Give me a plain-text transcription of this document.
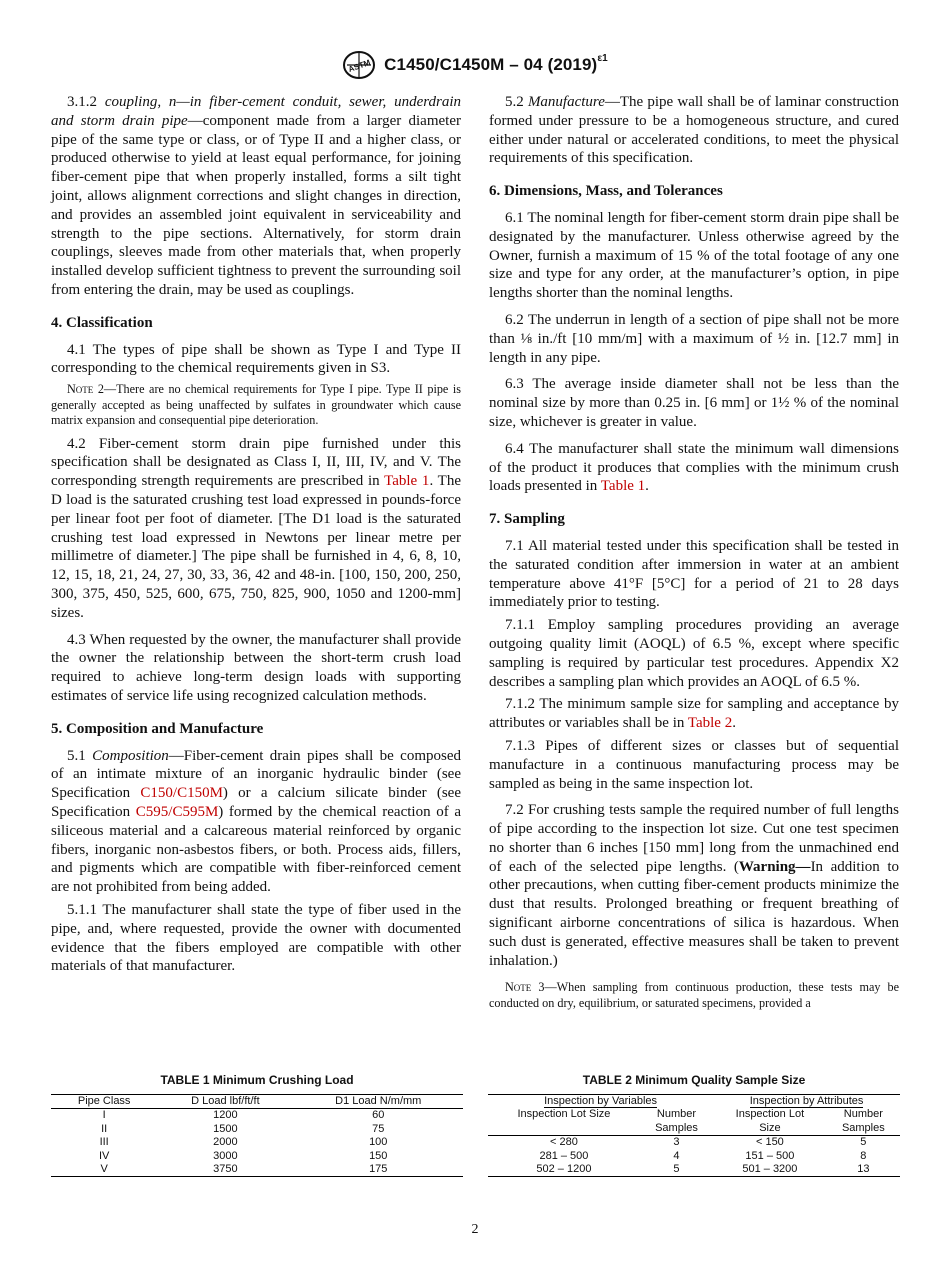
ASTM C1450/C1450M – 04 $(2019)^{\varepsilon 1}$

3.1.2 coupling, n—in fiber-cement conduit, sewer, underdrain and storm drain pipe—component made from a larger diameter pipe of the same type or class, or of Type II and a higher class, or produced otherwise to yield at least equal performance, for joining fiber-cement pipe that when properly installed, forms a silt tight joint, allows alignment corrections and slight changes in direction, and provides an assembled joint equivalent in serviceability and strength to the pipe sections. Alternatively, for storm drain couplings, sleeves made from other materials that, when properly installed develop sufficient tightness to prevent the surrounding soil from entering the drain, may be used as couplings.

4. Classification

4.1 The types of pipe shall be shown as Type I and Type II corresponding to the chemical requirements given in S3.

Note 2—There are no chemical requirements for Type I pipe. Type II pipe is generally accepted as being unaffected by sulfates in groundwater which cause matrix expansion and consequential pipe deterioration.

4.2 Fiber-cement storm drain pipe furnished under this specification shall be designated as Class I, II, III, IV, and V. The corresponding strength requirements are prescribed in Table 1. The D load is the saturated crushing test load expressed in pounds-force per linear foot per foot of diameter. [The D1 load is the saturated crushing test load expressed in Newtons per linear metre per millimetre of diameter.] The pipe shall be furnished in 4, 6, 8, 10, 12, 15, 18, 21, 24, 27, 30, 33, 36, 42 and 48-in. [100, 150, 200, 250, 300, 375, 450, 525, 600, 675, 750, 825, 900, 1050 and 1200-mm] sizes.

4.3 When requested by the owner, the manufacturer shall provide the owner the relationship between the short-term crush load required to achieve long-term design loads with supporting estimates of service life using recognized calculation methods.

5. Composition and Manufacture

5.1 Composition—Fiber-cement drain pipes shall be composed of an intimate mixture of an inorganic hydraulic binder (see Specification C150/C150M) or a calcium silicate binder (see Specification C595/C595M) formed by the chemical reaction of a siliceous material and a calcareous material reinforced by organic fibers, inorganic non-asbestos fibers, or both. Process aids, fillers, and pigments which are compatible with fiber-reinforced cement are not prohibited from being added.

5.1.1 The manufacturer shall state the type of fiber used in the pipe, and, where requested, provide the owner with documented evidence that the fibers employed are compatible with other materials of that manufacturer.

5.2 Manufacture—The pipe wall shall be of laminar construction formed under pressure to be a homogeneous structure, and cured either under natural or accelerated conditions, to meet the physical requirements of this specification.

6. Dimensions, Mass, and Tolerances

6.1 The nominal length for fiber-cement storm drain pipe shall be designated by the manufacturer. Unless otherwise agreed by the Owner, furnish a maximum of 15 % of the total footage of any one size and type for any order, at the manufacturer’s option, in pipe lengths shorter than the nominal lengths.

6.2 The underrun in length of a section of pipe shall not be more than ⅛ in./ft [10 mm/m] with a maximum of ½ in. [12.7 mm] in length in any pipe.

6.3 The average inside diameter shall not be less than the nominal size by more than 0.25 in. [6 mm] or 1½ % of the nominal size, whichever is greater in value.

6.4 The manufacturer shall state the minimum wall dimensions of the product it produces that complies with the minimum crush loads presented in Table 1.

7. Sampling

7.1 All material tested under this specification shall be tested in the saturated condition after immersion in water at an ambient temperature above 41°F [5°C] for a period of 21 to 28 days immediately prior to testing.

7.1.1 Employ sampling procedures providing an average outgoing quality limit (AOQL) of 6.5 %, except where specific sampling is required by particular test procedures. Appendix X2 describes a sampling plan which provides an AOQL of 6.5 %.

7.1.2 The minimum sample size for sampling and acceptance by attributes or variables shall be in Table 2.

7.1.3 Pipes of different sizes or classes but of sequential manufacture in a continuous manufacturing process may be sampled as being in the same inspection lot.

7.2 For crushing tests sample the required number of full lengths of pipe according to the inspection lot size. Cut one test specimen no shorter than 6 inches [150 mm] long from the unmachined end of each of the selected pipe lengths. (Warning—In addition to other precautions, when cutting fiber-cement products minimize the dust that results. Prolonged breathing or frequent breathing of significant airborne concentrations of silica is hazardous. When such dust is generated, effective measures shall be taken to prevent inhalation.)

Note 3—When sampling from continuous production, these tests may be conducted on dry, equilibrium, or saturated specimens, provided a
TABLE 1 Minimum Crushing Load
Pipe Class	D Load lbf/ft/ft	D1 Load N/m/mm
I	1200	60
II	1500	75
III	2000	100
IV	3000	150
V	3750	175
TABLE 2 Minimum Quality Sample Size
Inspection by Variables		Inspection by Attributes	
Inspection Lot Size	Number	Inspection Lot	Number
	Samples	Size	Samples
< 280	3	< 150	5
281 – 500	4	151 – 500	8
502 – 1200	5	501 – 3200	13
2
